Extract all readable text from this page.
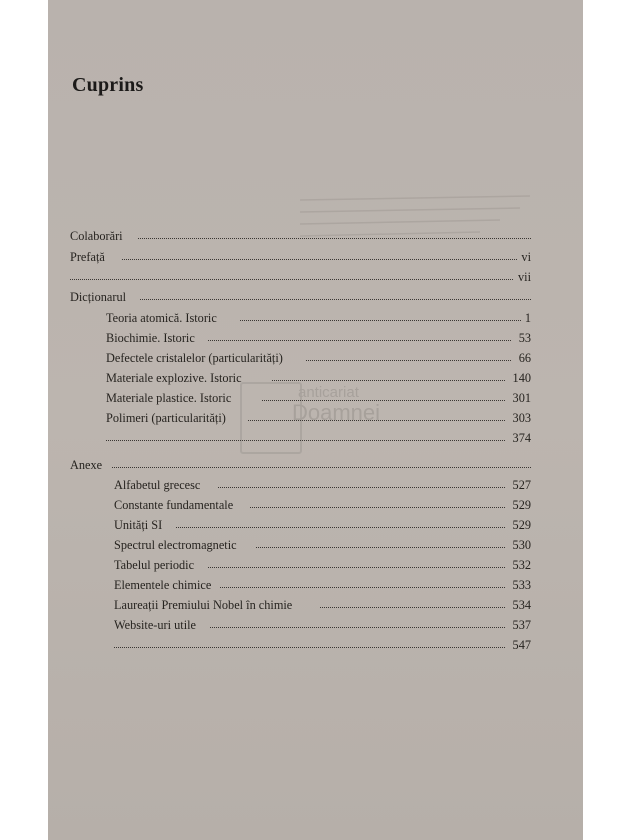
anticariat
Doamnei
Cuprins
Colaborări
Prefață	vi
vii
Dicționarul
Teoria atomică. Istoric	1
Biochimie. Istoric	53
Defectele cristalelor (particularități)	66
Materiale explozive. Istoric	140
Materiale plastice. Istoric	301
Polimeri (particularități)	303
374
Anexe
Alfabetul grecesc	527
Constante fundamentale	529
Unități SI	529
Spectrul electromagnetic	530
Tabelul periodic	532
Elementele chimice	533
Laureații Premiului Nobel în chimie	534
Website-uri utile	537
547
